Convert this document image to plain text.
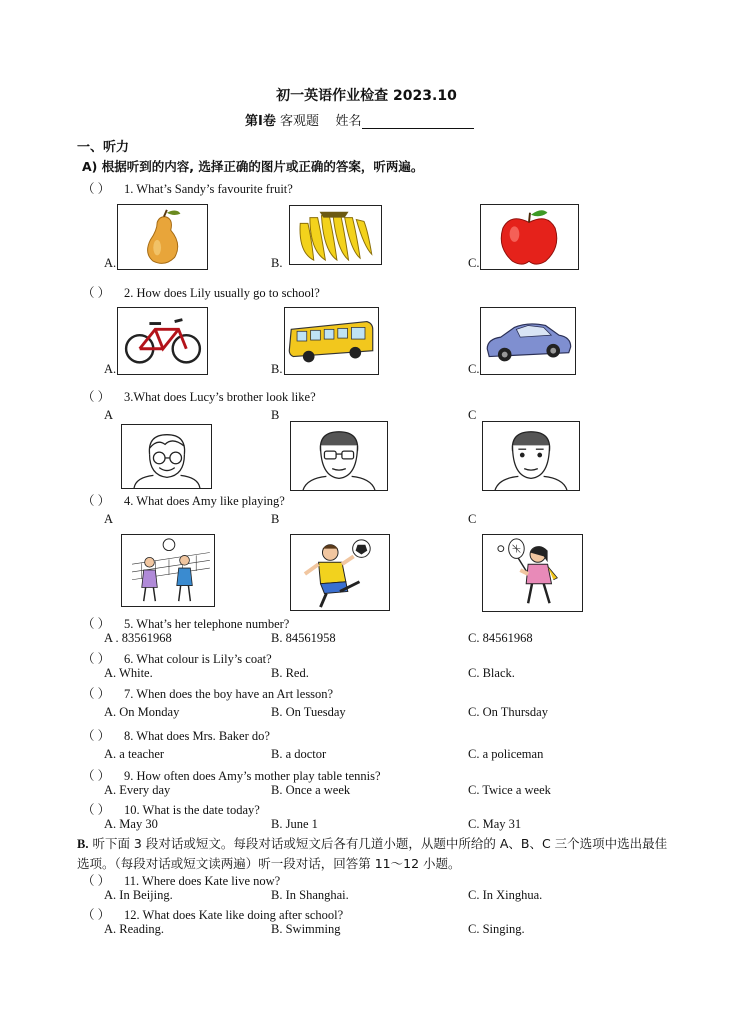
初一英语作业检查 2023.10
第Ⅰ卷 客观题 姓名
一、听力
A) 根据听到的内容, 选择正确的图片或正确的答案，听两遍。
（ ） 1. What’s Sandy’s favourite fruit?
A.	B.	C.
（ ） 2. How does Lily usually go to school?
A.	B.	C.
（ ） 3.What does Lucy’s brother look like?
A	B	C
（ ） 4. What does Amy like playing?
A	B	C
（ ） 5. What’s her telephone number?
A . 83561968	B. 84561958	C. 84561968
（ ） 6. What colour is Lily’s coat?
A. White.	B. Red.	C. Black.
（ ） 7. When does the boy have an Art lesson?
A. On Monday	B. On Tuesday	C. On Thursday
（ ） 8. What does Mrs. Baker do?
A. a teacher	B. a doctor	C. a policeman
（ ） 9. How often does Amy’s mother play table tennis?
A. Every day	B. Once a week	C. Twice a week
（ ） 10. What is the date today?
A. May 30	B. June 1	C. May 31
B. 听下面 3 段对话或短文。每段对话或短文后各有几道小题，从题中所给的 A、B、C 三个选项中选出最佳选项。（每段对话或短文读两遍）听一段对话，回答第 11～12 小题。
（ ） 11. Where does Kate live now?
A. In Beijing.	B. In Shanghai.	C. In Xinghua.
（ ） 12. What does Kate like doing after school?
A. Reading.	B. Swimming	C. Singing.
